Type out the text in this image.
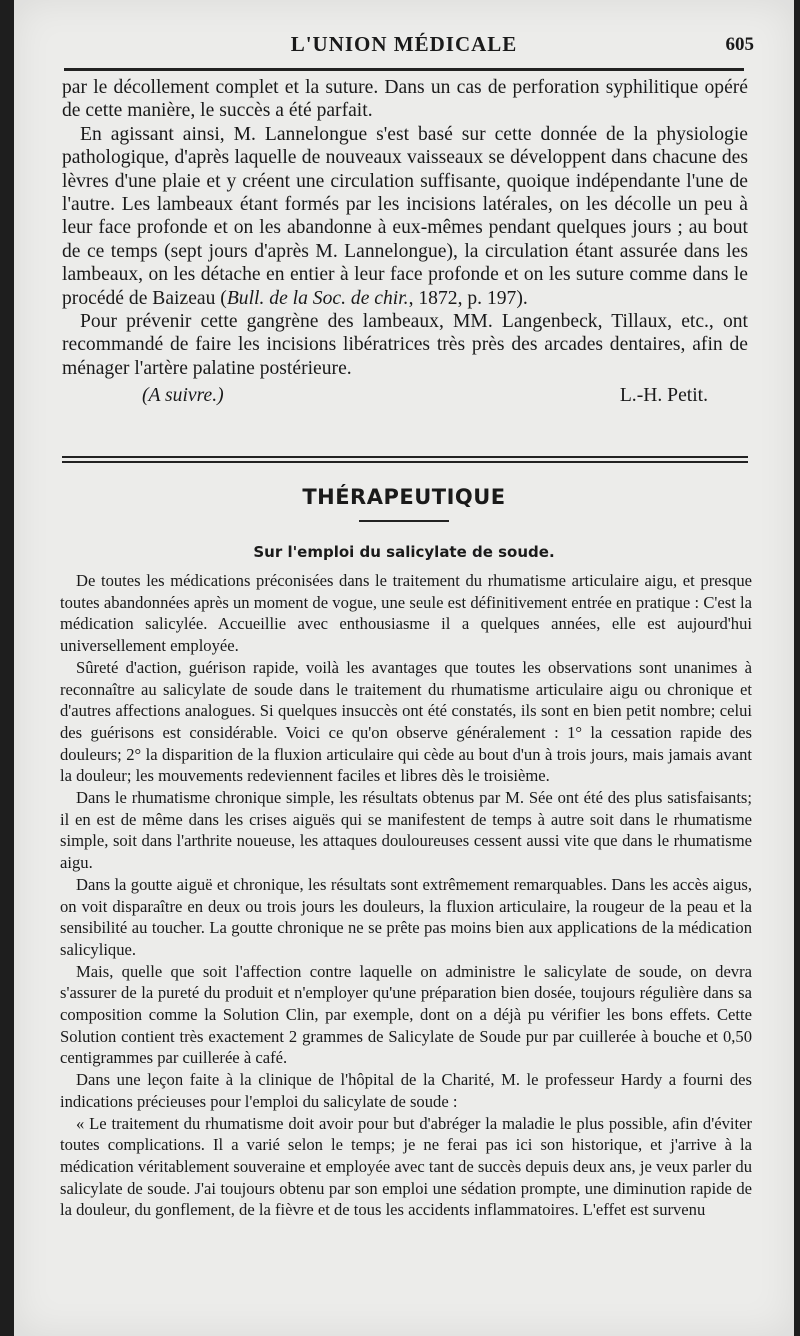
L'UNION MÉDICALE	605

par le décollement complet et la suture. Dans un cas de perforation syphilitique opéré de cette manière, le succès a été parfait.

En agissant ainsi, M. Lannelongue s'est basé sur cette donnée de la physiologie pathologique, d'après laquelle de nouveaux vaisseaux se développent dans chacune des lèvres d'une plaie et y créent une circulation suffisante, quoique indépendante l'une de l'autre. Les lambeaux étant formés par les incisions latérales, on les décolle un peu à leur face profonde et on les abandonne à eux-mêmes pendant quelques jours ; au bout de ce temps (sept jours d'après M. Lannelongue), la circulation étant assurée dans les lambeaux, on les détache en entier à leur face profonde et on les suture comme dans le procédé de Baizeau (Bull. de la Soc. de chir., 1872, p. 197).

Pour prévenir cette gangrène des lambeaux, MM. Langenbeck, Tillaux, etc., ont recommandé de faire les incisions libératrices très près des arcades dentaires, afin de ménager l'artère palatine postérieure.

(A suivre.)	L.-H. Petit.
THÉRAPEUTIQUE
Sur l'emploi du salicylate de soude.

De toutes les médications préconisées dans le traitement du rhumatisme articulaire aigu, et presque toutes abandonnées après un moment de vogue, une seule est définitivement entrée en pratique : C'est la médication salicylée. Accueillie avec enthousiasme il a quelques années, elle est aujourd'hui universellement employée.

Sûreté d'action, guérison rapide, voilà les avantages que toutes les observations sont unanimes à reconnaître au salicylate de soude dans le traitement du rhumatisme articulaire aigu ou chronique et d'autres affections analogues. Si quelques insuccès ont été constatés, ils sont en bien petit nombre; celui des guérisons est considérable. Voici ce qu'on observe généralement : 1° la cessation rapide des douleurs; 2° la disparition de la fluxion articulaire qui cède au bout d'un à trois jours, mais jamais avant la douleur; les mouvements redeviennent faciles et libres dès le troisième.

Dans le rhumatisme chronique simple, les résultats obtenus par M. Sée ont été des plus satisfaisants; il en est de même dans les crises aiguës qui se manifestent de temps à autre soit dans le rhumatisme simple, soit dans l'arthrite noueuse, les attaques douloureuses cessent aussi vite que dans le rhumatisme aigu.

Dans la goutte aiguë et chronique, les résultats sont extrêmement remarquables. Dans les accès aigus, on voit disparaître en deux ou trois jours les douleurs, la fluxion articulaire, la rougeur de la peau et la sensibilité au toucher. La goutte chronique ne se prête pas moins bien aux applications de la médication salicylique.

Mais, quelle que soit l'affection contre laquelle on administre le salicylate de soude, on devra s'assurer de la pureté du produit et n'employer qu'une préparation bien dosée, toujours régulière dans sa composition comme la Solution Clin, par exemple, dont on a déjà pu vérifier les bons effets. Cette Solution contient très exactement 2 grammes de Salicylate de Soude pur par cuillerée à bouche et 0,50 centigrammes par cuillerée à café.

Dans une leçon faite à la clinique de l'hôpital de la Charité, M. le professeur Hardy a fourni des indications précieuses pour l'emploi du salicylate de soude :

« Le traitement du rhumatisme doit avoir pour but d'abréger la maladie le plus possible, afin d'éviter toutes complications. Il a varié selon le temps; je ne ferai pas ici son historique, et j'arrive à la médication véritablement souveraine et employée avec tant de succès depuis deux ans, je veux parler du salicylate de soude. J'ai toujours obtenu par son emploi une sédation prompte, une diminution rapide de la douleur, du gonflement, de la fièvre et de tous les accidents inflammatoires. L'effet est survenu
